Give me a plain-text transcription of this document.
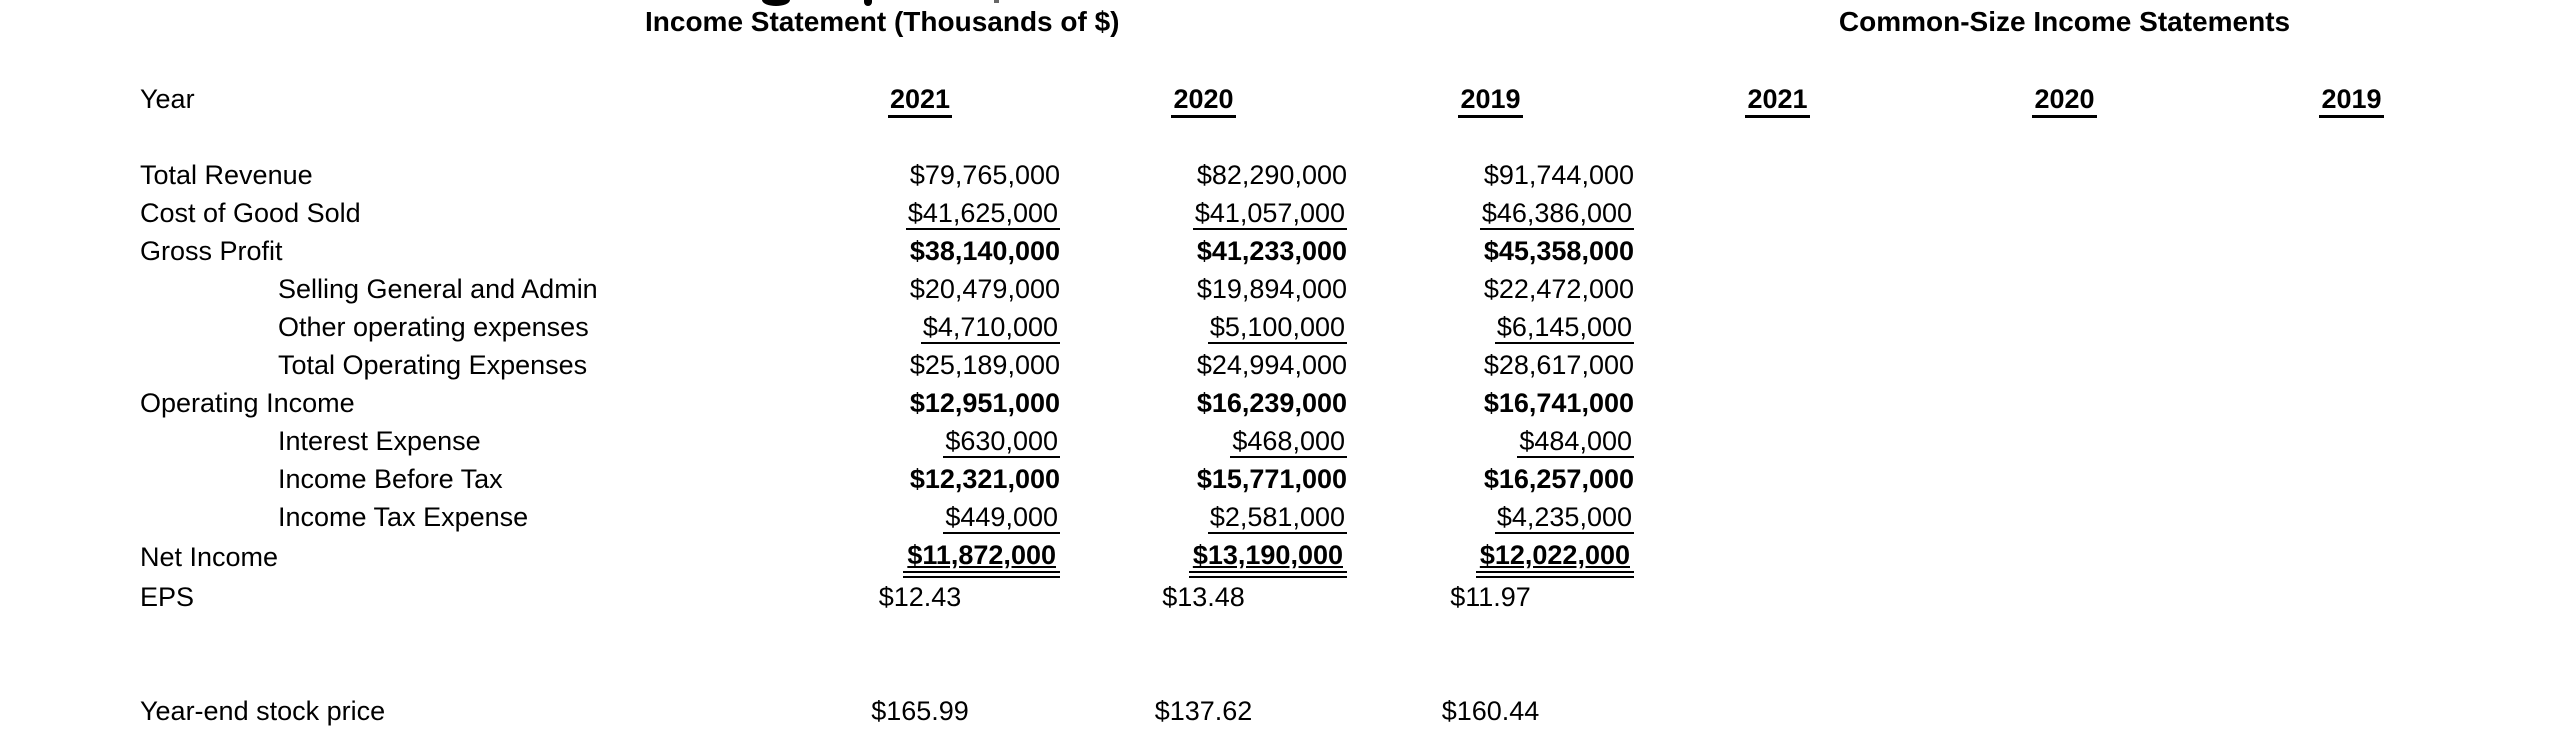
Income Statement (Thousands of $)	Common-Size Income Statements
Year	2021	2020	2019	2021	2020	2019

Total Revenue	$79,765,000	$82,290,000	$91,744,000			
Cost of Good Sold	$41,625,000	$41,057,000	$46,386,000			
Gross Profit	$38,140,000	$41,233,000	$45,358,000			
Selling General and Admin	$20,479,000	$19,894,000	$22,472,000			
Other operating expenses	$4,710,000	$5,100,000	$6,145,000			
Total Operating Expenses	$25,189,000	$24,994,000	$28,617,000			
Operating Income	$12,951,000	$16,239,000	$16,741,000			
Interest Expense	$630,000	$468,000	$484,000			
Income Before Tax	$12,321,000	$15,771,000	$16,257,000			
Income Tax Expense	$449,000	$2,581,000	$4,235,000			
Net Income	$11,872,000	$13,190,000	$12,022,000			
EPS	$12.43	$13.48	$11.97			

Year-end stock price	$165.99	$137.62	$160.44			
